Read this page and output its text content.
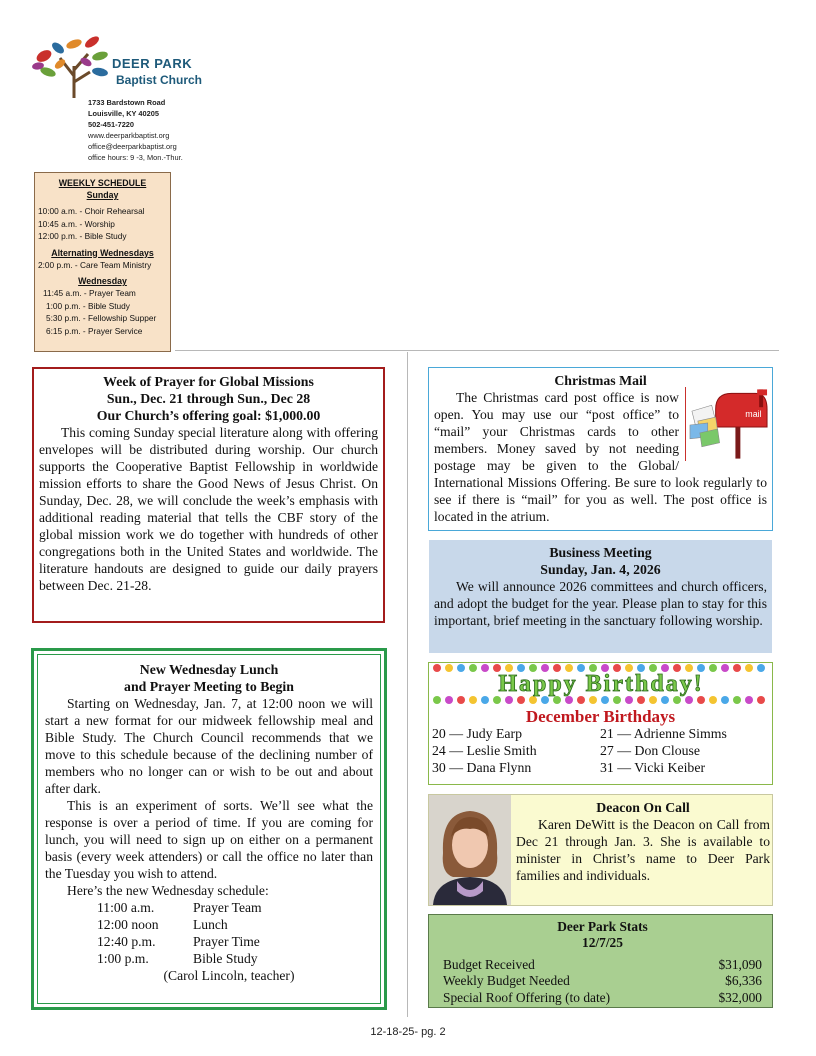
DEER PARK
Baptist Church
1733 Bardstown Road
Louisville, KY 40205
502-451-7220
www.deerparkbaptist.org
office@deerparkbaptist.org
office hours: 9 -3, Mon.-Thur.
WEEKLY SCHEDULE
Sunday
10:00 a.m. - Choir Rehearsal
10:45 a.m. - Worship
12:00 p.m. - Bible Study
Alternating Wednesdays
2:00 p.m. - Care Team Ministry
Wednesday
11:45 a.m. - Prayer Team
1:00 p.m. - Bible Study
5:30 p.m. - Fellowship Supper
6:15 p.m. - Prayer Service
Week of Prayer for Global Missions
Sun., Dec. 21 through Sun., Dec 28
Our Church’s offering goal: $1,000.00

This coming Sunday special literature along with offering envelopes will be distributed during worship. Our church supports the Cooperative Baptist Fellowship in worldwide mission efforts to share the Good News of Jesus Christ. On Sunday, Dec. 28, we will conclude the week’s emphasis with additional reading material that tells the CBF story of the global mission work we do together with hundreds of other congregations both in the United States and worldwide. The literature handouts are designed to guide our daily prayers between Dec. 21-28.

New Wednesday Lunch
and Prayer Meeting to Begin

Starting on Wednesday, Jan. 7, at 12:00 noon we will start a new format for our midweek fellowship meal and Bible Study. The Church Council recommends that we move to this schedule because of the declining number of members who no longer can or wish to be out and about after dark.

This is an experiment of sorts. We’ll see what the response is over a period of time. If you are coming for lunch, you will need to sign up on either on a permanent basis (every week attenders) or call the office no later than the Tuesday you wish to attend.

Here’s the new Wednesday schedule:

11:00 a.m.	Prayer Team
12:00 noon	Lunch
12:40 p.m.	Prayer Time
1:00 p.m.	Bible Study
(Carol Lincoln, teacher)
Christmas Mail
mail

The Christmas card post office is now open. You may use our “post office” to “mail” your Christmas cards to other members. Money saved by not needing postage may be given to the Global/ International Missions Offering. Be sure to look regularly to see if there is “mail” for you as well. The post office is located in the atrium.

Business Meeting
Sunday, Jan. 4, 2026

We will announce 2026 committees and church officers, and adopt the budget for the year. Please plan to stay for this important, brief meeting in the sanctuary following worship.

Happy Birthday!
December Birthdays
20 — Judy Earp	21 — Adrienne Simms
24 — Leslie Smith	27 — Don Clouse
30 — Dana Flynn	31 — Vicki Keiber
Deacon On Call

Karen DeWitt is the Deacon on Call from Dec 21 through Jan. 3. She is available to minister in Christ’s name to Deer Park families and individuals.

Deer Park Stats
12/7/25
Budget Received	$31,090
Weekly Budget Needed	$6,336
Special Roof Offering (to date)	$32,000
12-18-25- pg. 2
